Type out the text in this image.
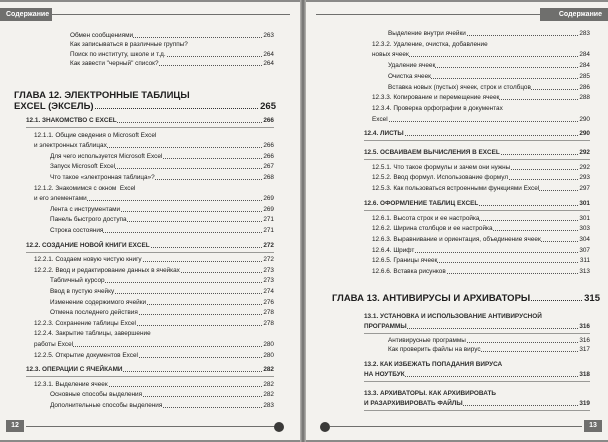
Содержание
ГЛАВА 12. ЭЛЕКТРОННЫЕ ТАБЛИЦЫ
EXCEL (ЭКСЕЛЬ)	265
12
Обмен сообщениями	263
Как записываться в различные группы?
Поиск по институту, школе и т.д.	264
Как завести "черный" список?	264
12.1. ЗНАКОМСТВО С EXCEL	266
12.1.1. Общие сведения о Microsoft Excel
и электронных таблицах	266
Для чего используется Microsoft Excel	266
Запуск Microsoft Excel	267
Что такое «электронная таблица»?	268
12.1.2. Знакомимся с окном  Excel
и его элементами	269
Лента с инструментами	269
Панель быстрого доступа	271
Строка состояния	271
12.2. СОЗДАНИЕ НОВОЙ КНИГИ EXCEL	272
12.2.1. Создаем новую чистую книгу	272
12.2.2. Ввод и редактирование данных в ячейках	273
Табличный курсор	273
Ввод в пустую ячейку	274
Изменение содержимого ячейки	276
Отмена последнего действия	278
12.2.3. Сохранение таблицы Excel	278
12.2.4. Закрытие таблицы, завершение
работы Excel	280
12.2.5. Открытие документов Excel	280
12.3. ОПЕРАЦИИ С ЯЧЕЙКАМИ	282
12.3.1. Выделение ячеек	282
Основные способы выделения	282
Дополнительные способы выделения	283
Содержание
ГЛАВА 13. АНТИВИРУСЫ И АРХИВАТОРЫ	315
13
Выделение внутри ячейки	283
12.3.2. Удаление, очистка, добавление
новых ячеек	284
Удаление ячеек	284
Очистка ячеек	285
Вставка новых (пустых) ячеек, строк и столбцов	286
12.3.3. Копирование и перемещение ячеек	288
12.3.4. Проверка орфографии в документах
Excel	290
12.4. ЛИСТЫ	290
12.5. ОСВАИВАЕМ ВЫЧИСЛЕНИЯ В EXCEL	292
12.5.1. Что такое формулы и зачем они нужны	292
12.5.2. Ввод формул. Использование формул	293
12.5.3. Как пользоваться встроенными функциями Excel	297
12.6. ОФОРМЛЕНИЕ ТАБЛИЦ EXCEL	301
12.6.1. Высота строк и ее настройка	301
12.6.2. Ширина столбцов и ее настройка	303
12.6.3. Выравнивание и ориентация, объединение ячеек	304
12.6.4. Шрифт	307
12.6.5. Границы ячеек	311
12.6.6. Вставка рисунков	313
13.1. УСТАНОВКА И ИСПОЛЬЗОВАНИЕ АНТИВИРУСНОЙ
ПРОГРАММЫ	316
Антивирусные программы	316
Как проверить файлы на вирус	317
13.2. КАК ИЗБЕЖАТЬ ПОПАДАНИЯ ВИРУСА
НА НОУТБУК	318
13.3. АРХИВАТОРЫ. КАК АРХИВИРОВАТЬ
И РАЗАРХИВИРОВАТЬ ФАЙЛЫ	319
